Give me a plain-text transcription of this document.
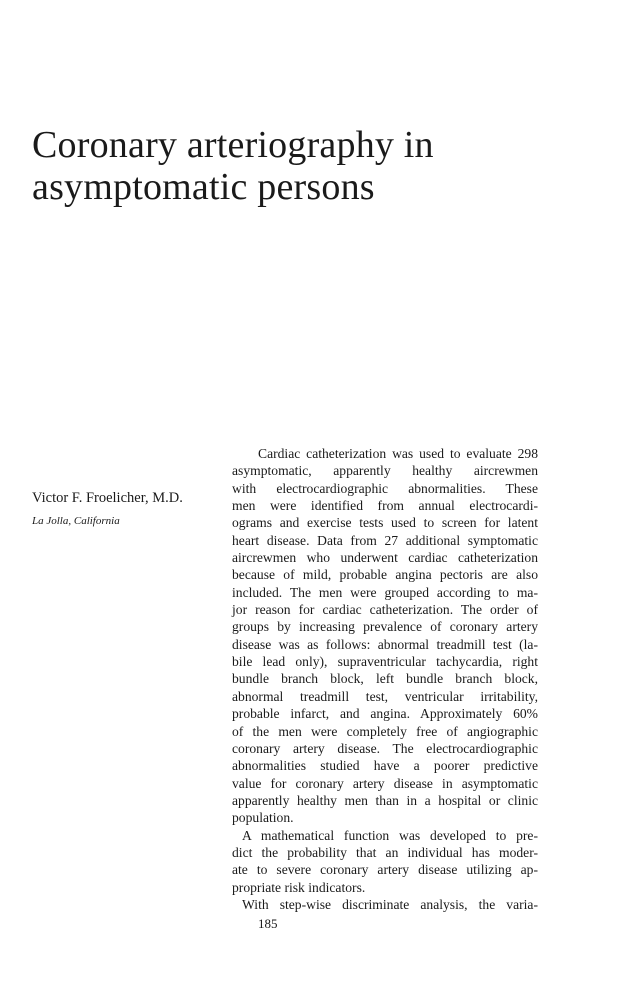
Coronary arteriography in
asymptomatic persons
Victor F. Froelicher, M.D.
La Jolla, California
Cardiac catheterization was used to evaluate 298
asymptomatic, apparently healthy aircrewmen
with electrocardiographic abnormalities. These
men were identified from annual electrocardi-
ograms and exercise tests used to screen for latent
heart disease. Data from 27 additional symptomatic
aircrewmen who underwent cardiac catheterization
because of mild, probable angina pectoris are also
included. The men were grouped according to ma-
jor reason for cardiac catheterization. The order of
groups by increasing prevalence of coronary artery
disease was as follows: abnormal treadmill test (la-
bile lead only), supraventricular tachycardia, right
bundle branch block, left bundle branch block,
abnormal treadmill test, ventricular irritability,
probable infarct, and angina. Approximately 60%
of the men were completely free of angiographic
coronary artery disease. The electrocardiographic
abnormalities studied have a poorer predictive
value for coronary artery disease in asymptomatic
apparently healthy men than in a hospital or clinic
population.
A mathematical function was developed to pre-
dict the probability that an individual has moder-
ate to severe coronary artery disease utilizing ap-
propriate risk indicators.
With step-wise discriminate analysis, the varia-
185
